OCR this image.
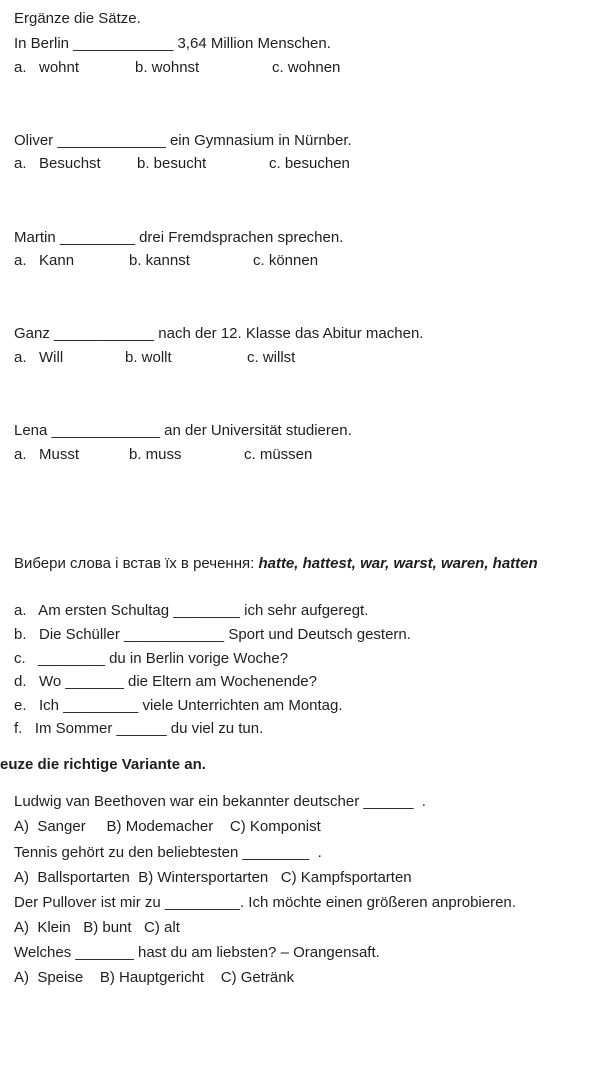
Ergänze die Sätze.
In Berlin ____________ 3,64 Million Menschen.
a.   wohnt	b. wohnst	c. wohnen
Oliver _____________ ein Gymnasium in Nürnber.
a.   Besuchst b. besucht	c. besuchen
Martin _________ drei Fremdsprachen sprechen.
a.   Kann	b. kannst	c. können
Ganz ____________ nach der 12. Klasse das Abitur machen.
a.   Will	b. wollt	c. willst
Lena _____________ an der Universität studieren.
a.   Musst	b. muss	c. müssen
Вибери слова і встав їх в речення: hatte, hattest, war, warst, waren, hatten
a.   Am ersten Schultag ________ ich sehr aufgeregt.
b.   Die Schüller ____________ Sport und Deutsch gestern.
c.   ________ du in Berlin vorige Woche?
d.   Wo _______ die Eltern am Wochenende?
e.   Ich _________ viele Unterrichten am Montag.
f.   Im Sommer ______ du viel zu tun.
euze die richtige Variante an.
Ludwig van Beethoven war ein bekannter deutscher ______  .
A)  Sanger     B) Modemacher    C) Komponist
Tennis gehört zu den beliebtesten ________  .
A)  Ballsportarten  B) Wintersportarten   C) Kampfsportarten
Der Pullover ist mir zu _________. Ich möchte einen größeren anprobieren.
A)  Klein   B) bunt   C) alt
Welches _______ hast du am liebsten? – Orangensaft.
A)  Speise    B) Hauptgericht    C) Getränk
